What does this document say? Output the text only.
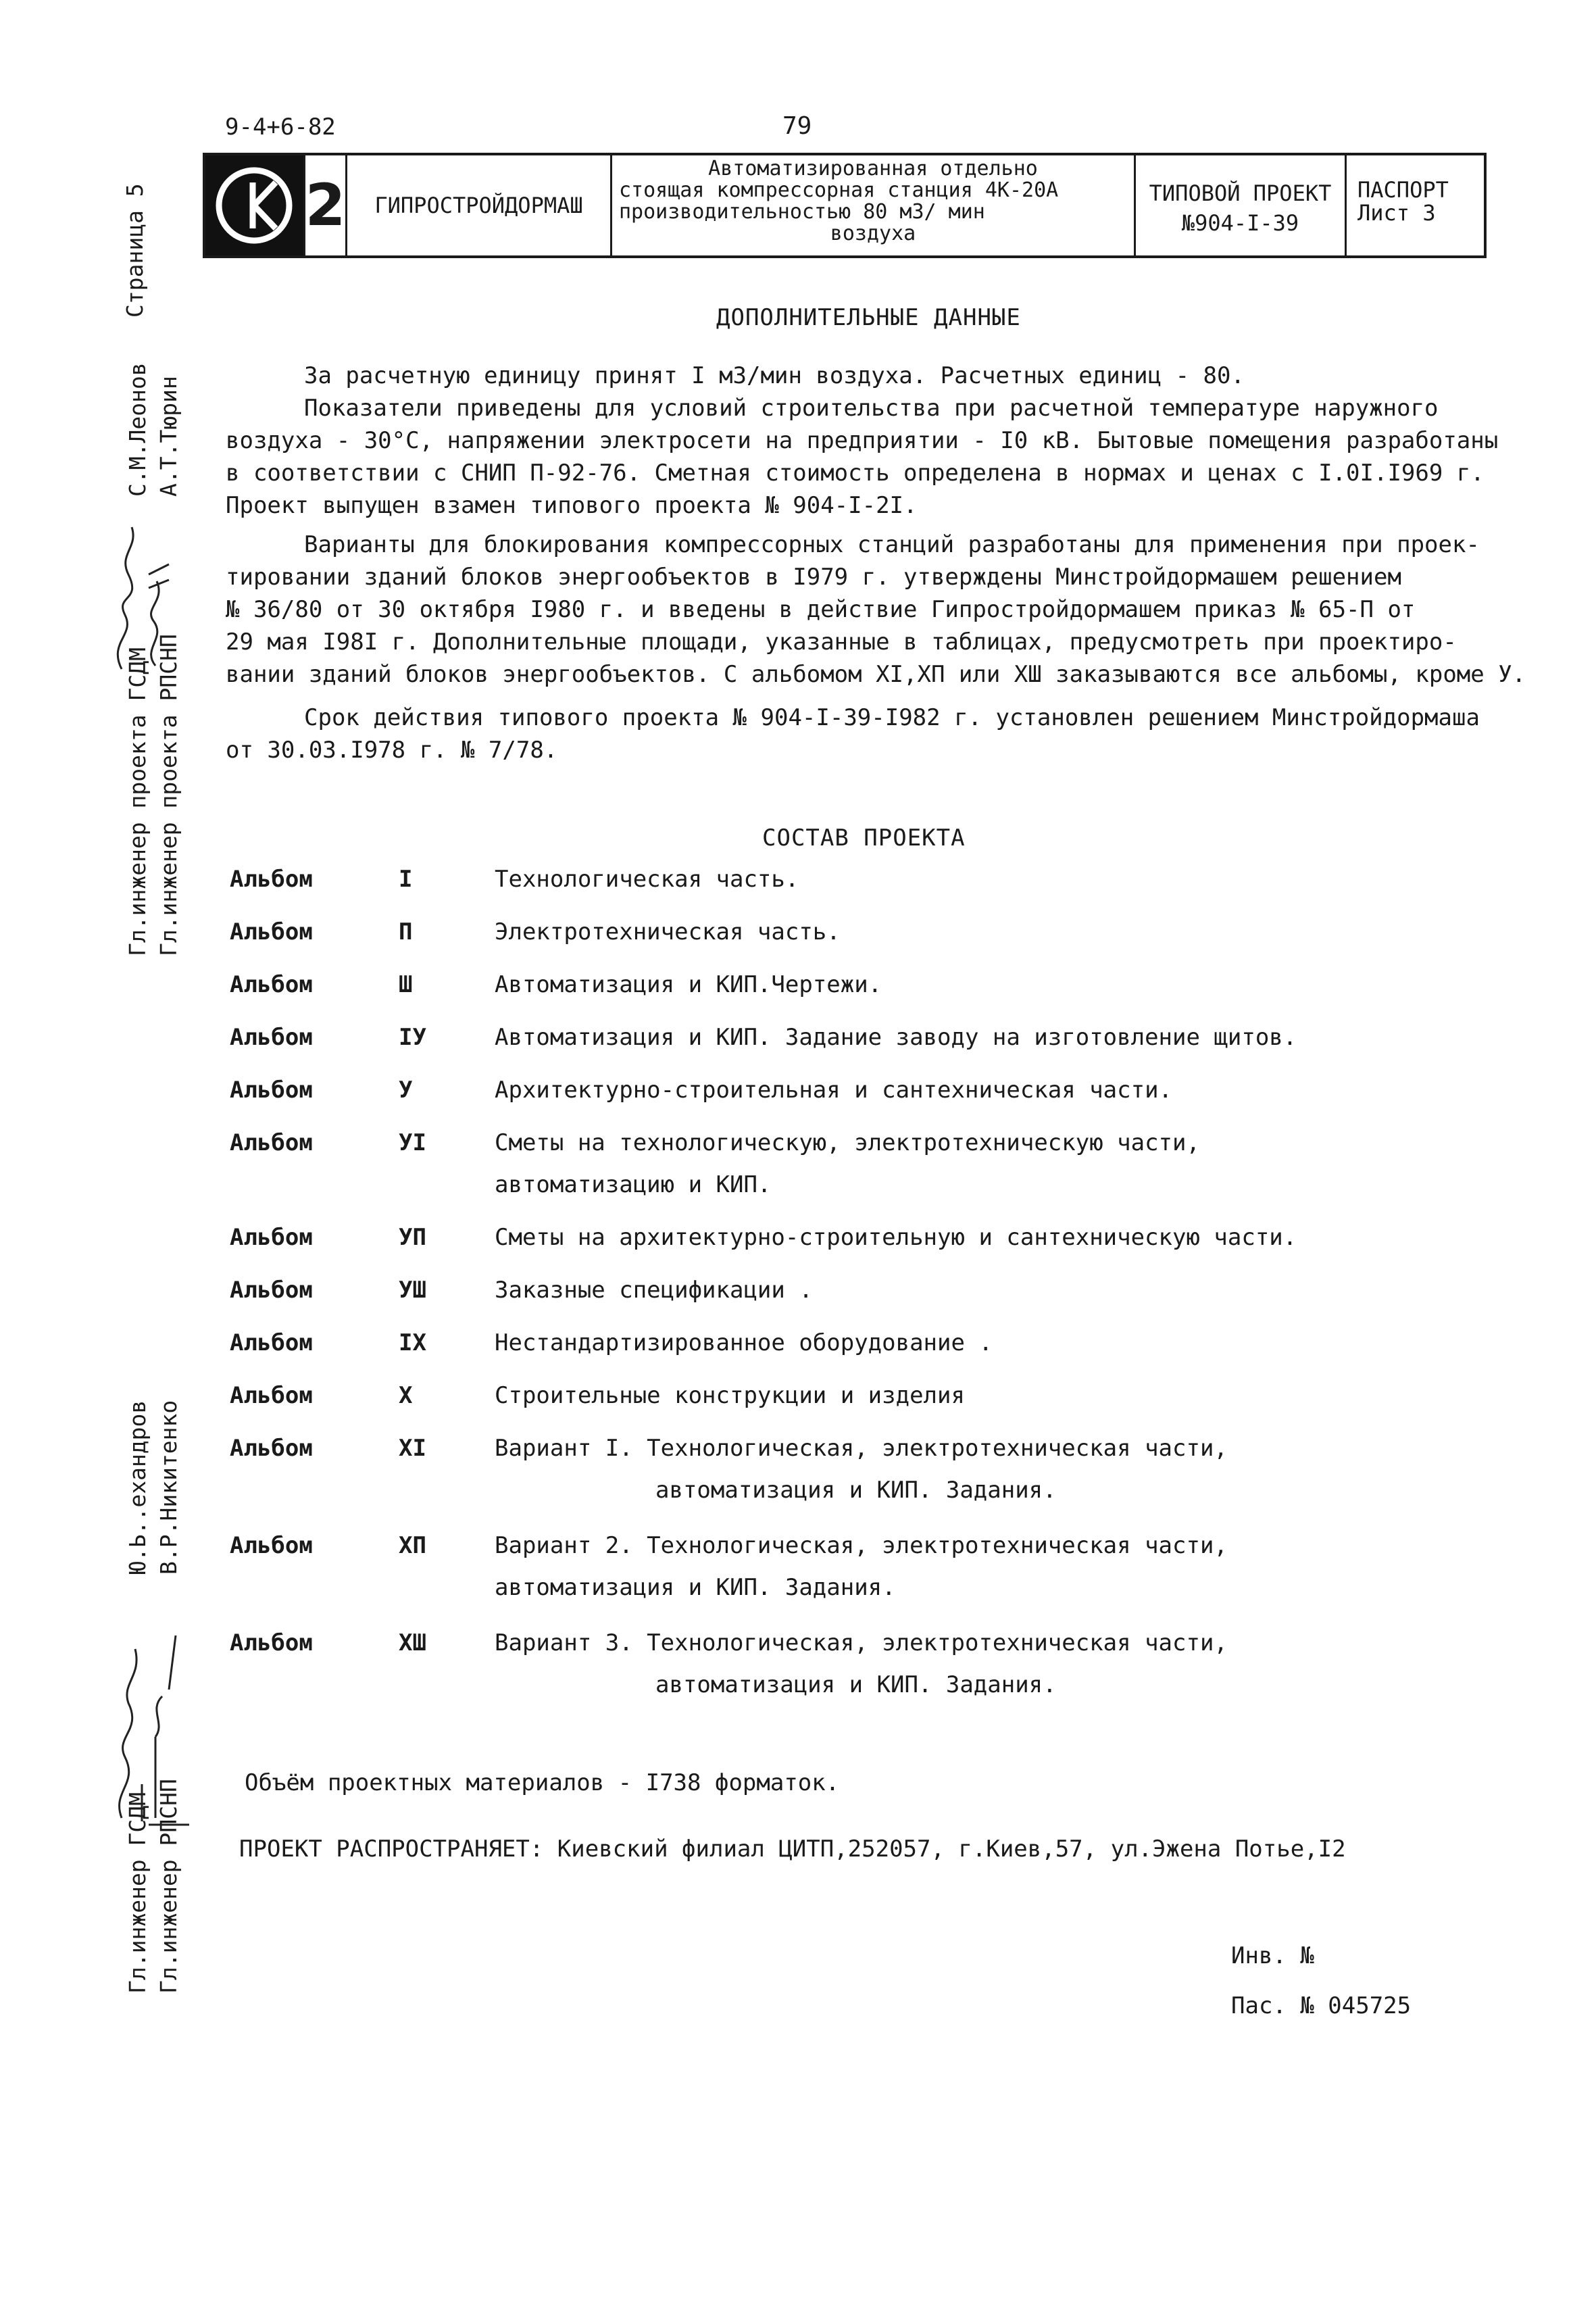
9-4+6-82	79
СК
2	ГИПРОСТРОЙДОРМАШ
Автоматизированная отдельно
стоящая компрессорная станция 4К-20А
производительностью 80 м3/ мин
воздуха
ТИПОВОЙ ПРОЕКТ
№904-I-39
ПАСПОРТ
Лист 3
Страница 5
Гл.инженер проекта ГСДМ Гл.инженер проекта РПСНП
С.М.Леонов А.Т.Тюрин
Гл.инженер ГСДМ Гл.инженер РПСНП
Ю.Ь..ехандров В.Р.Никитенко
ДОПОЛНИТЕЛЬНЫЕ ДАННЫЕ
За расчетную единицу принят I м3/мин воздуха. Расчетных единиц - 80.
Показатели приведены для условий строительства при расчетной температуре наружного
воздуха - 30°С, напряжении электросети на предприятии - I0 кВ. Бытовые помещения разработаны
в соответствии с СНИП П-92-76. Сметная стоимость определена в нормах и ценах с I.0I.I969 г.
Проект выпущен взамен типового проекта № 904-I-2I.
Варианты для блокирования компрессорных станций разработаны для применения при проек-
тировании зданий блоков энергообъектов в I979 г. утверждены Минстройдормашем решением
№ 36/80 от 30 октября I980 г. и введены в действие Гипростройдормашем приказ № 65-П от
29 мая I98I г. Дополнительные площади, указанные в таблицах, предусмотреть при проектиро-
вании зданий блоков энергообъектов. С альбомом XI,ХП или ХШ заказываются все альбомы, кроме У.
Срок действия типового проекта № 904-I-39-I982 г. установлен решением Минстройдормаша
от 30.03.I978 г. № 7/78.
СОСТАВ ПРОЕКТА
Альбом	I	Технологическая часть.
Альбом	П	Электротехническая часть.
Альбом	Ш	Автоматизация и КИП.Чертежи.
Альбом	IУ	Автоматизация и КИП. Задание заводу на изготовление щитов.
Альбом	У	Архитектурно-строительная и сантехническая части.
Альбом	УI	Сметы на технологическую, электротехническую части,
автоматизацию и КИП.
Альбом	УП	Сметы на архитектурно-строительную и сантехническую части.
Альбом	УШ	Заказные спецификации .
Альбом	IX	Нестандартизированное оборудование .
Альбом	X	Строительные конструкции и изделия
Альбом	XI	Вариант I. Технологическая, электротехническая части,
автоматизация и КИП. Задания.
Альбом	ХП	Вариант 2. Технологическая, электротехническая части,
автоматизация и КИП. Задания.
Альбом	ХШ	Вариант 3. Технологическая, электротехническая части,
автоматизация и КИП. Задания.
Объём проектных материалов - I738 форматок.
ПРОЕКТ РАСПРОСТРАНЯЕТ: Киевский филиал ЦИТП,252057, г.Киев,57, ул.Эжена Потье,I2
Инв. №
Пас. № 045725
